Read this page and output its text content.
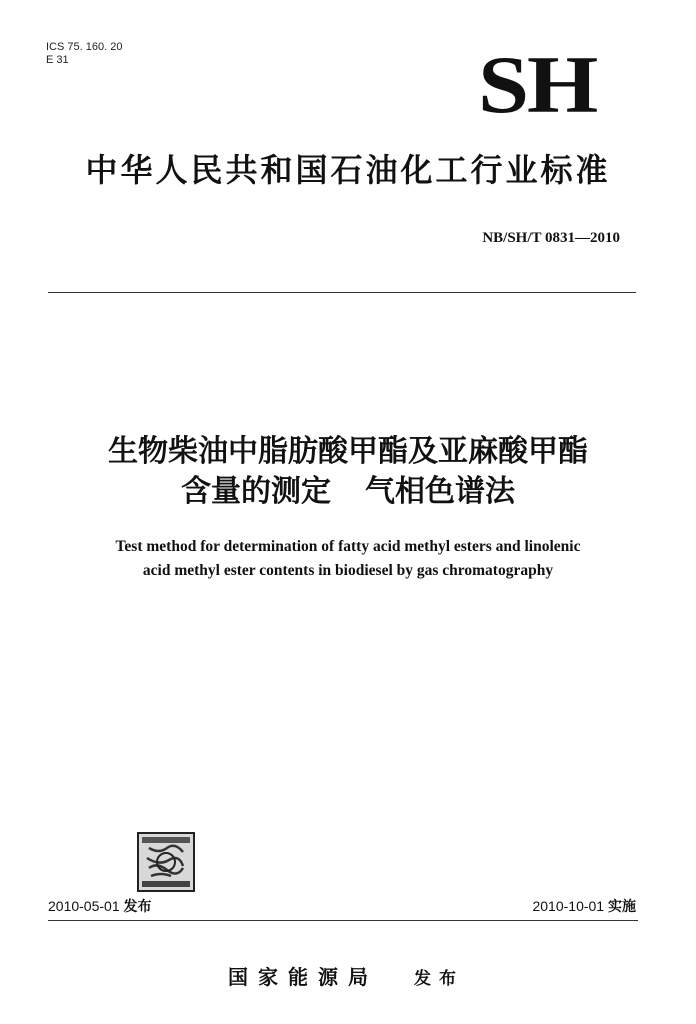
ICS 75. 160. 20
E 31	SH
中华人民共和国石油化工行业标准
NB/SH/T 0831—2010
生物柴油中脂肪酸甲酯及亚麻酸甲酯
含量的测定 气相色谱法
Test method for determination of fatty acid methyl esters and linolenic
acid methyl ester contents in biodiesel by gas chromatography
2010-05-01 发布	2010-10-01 实施
国家能源局 发布
